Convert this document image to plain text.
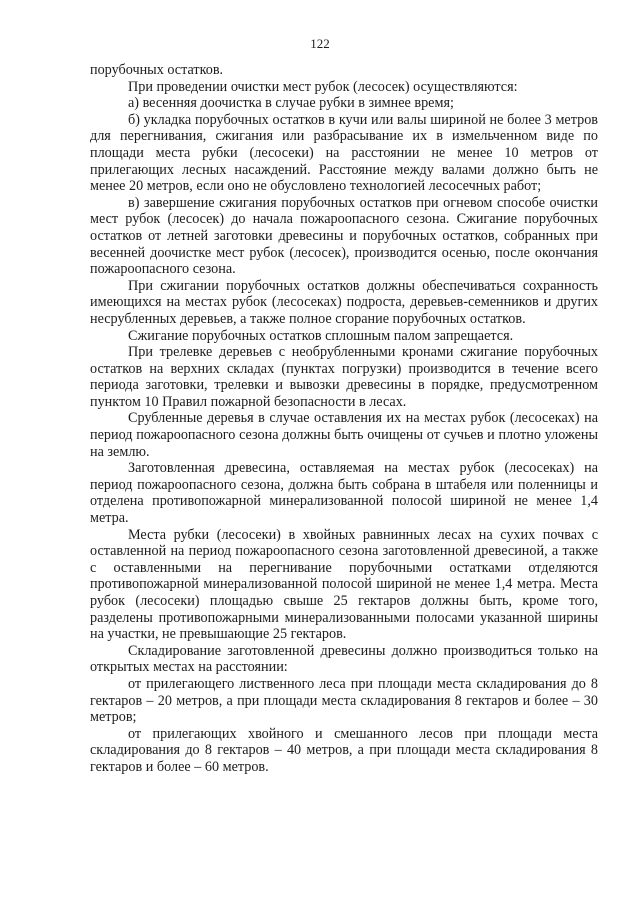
122

порубочных остатков.

При проведении очистки мест рубок (лесосек) осуществляются:

а) весенняя доочистка в случае рубки в зимнее время;

б) укладка порубочных остатков в кучи или валы шириной не более 3 метров для перегнивания, сжигания или разбрасывание их в измельченном виде по площади места рубки (лесосеки) на расстоянии не менее 10 метров от прилегающих лесных насаждений. Расстояние между валами должно быть не менее 20 метров, если оно не обусловлено технологией лесосечных работ;

в) завершение сжигания порубочных остатков при огневом способе очистки мест рубок (лесосек) до начала пожароопасного сезона. Сжигание порубочных остатков от летней заготовки древесины и порубочных остатков, собранных при весенней доочистке мест рубок (лесосек), производится осенью, после окончания пожароопасного сезона.

При сжигании порубочных остатков должны обеспечиваться сохранность имеющихся на местах рубок (лесосеках) подроста, деревьев-семенников и других несрубленных деревьев, а также полное сгорание порубочных остатков.

Сжигание порубочных остатков сплошным палом запрещается.

При трелевке деревьев с необрубленными кронами сжигание порубочных остатков на верхних складах (пунктах погрузки) производится в течение всего периода заготовки, трелевки и вывозки древесины в порядке, предусмотренном пунктом 10 Правил пожарной безопасности в лесах.

Срубленные деревья в случае оставления их на местах рубок (лесосеках) на период пожароопасного сезона должны быть очищены от сучьев и плотно уложены на землю.

Заготовленная древесина, оставляемая на местах рубок (лесосеках) на период пожароопасного сезона, должна быть собрана в штабеля или поленницы и отделена противопожарной минерализованной полосой шириной не менее 1,4 метра.

Места рубки (лесосеки) в хвойных равнинных лесах на сухих почвах с оставленной на период пожароопасного сезона заготовленной древесиной, а также с оставленными на перегнивание порубочными остатками отделяются противопожарной минерализованной полосой шириной не менее 1,4 метра. Места рубок (лесосеки) площадью свыше 25 гектаров должны быть, кроме того, разделены противопожарными минерализованными полосами указанной ширины на участки, не превышающие 25 гектаров.

Складирование заготовленной древесины должно производиться только на открытых местах на расстоянии:

от прилегающего лиственного леса при площади места складирования до 8 гектаров – 20 метров, а при площади места складирования 8 гектаров и более – 30 метров;

от прилегающих хвойного и смешанного лесов при площади места складирования до 8 гектаров – 40 метров, а при площади места складирования 8 гектаров и более – 60 метров.
